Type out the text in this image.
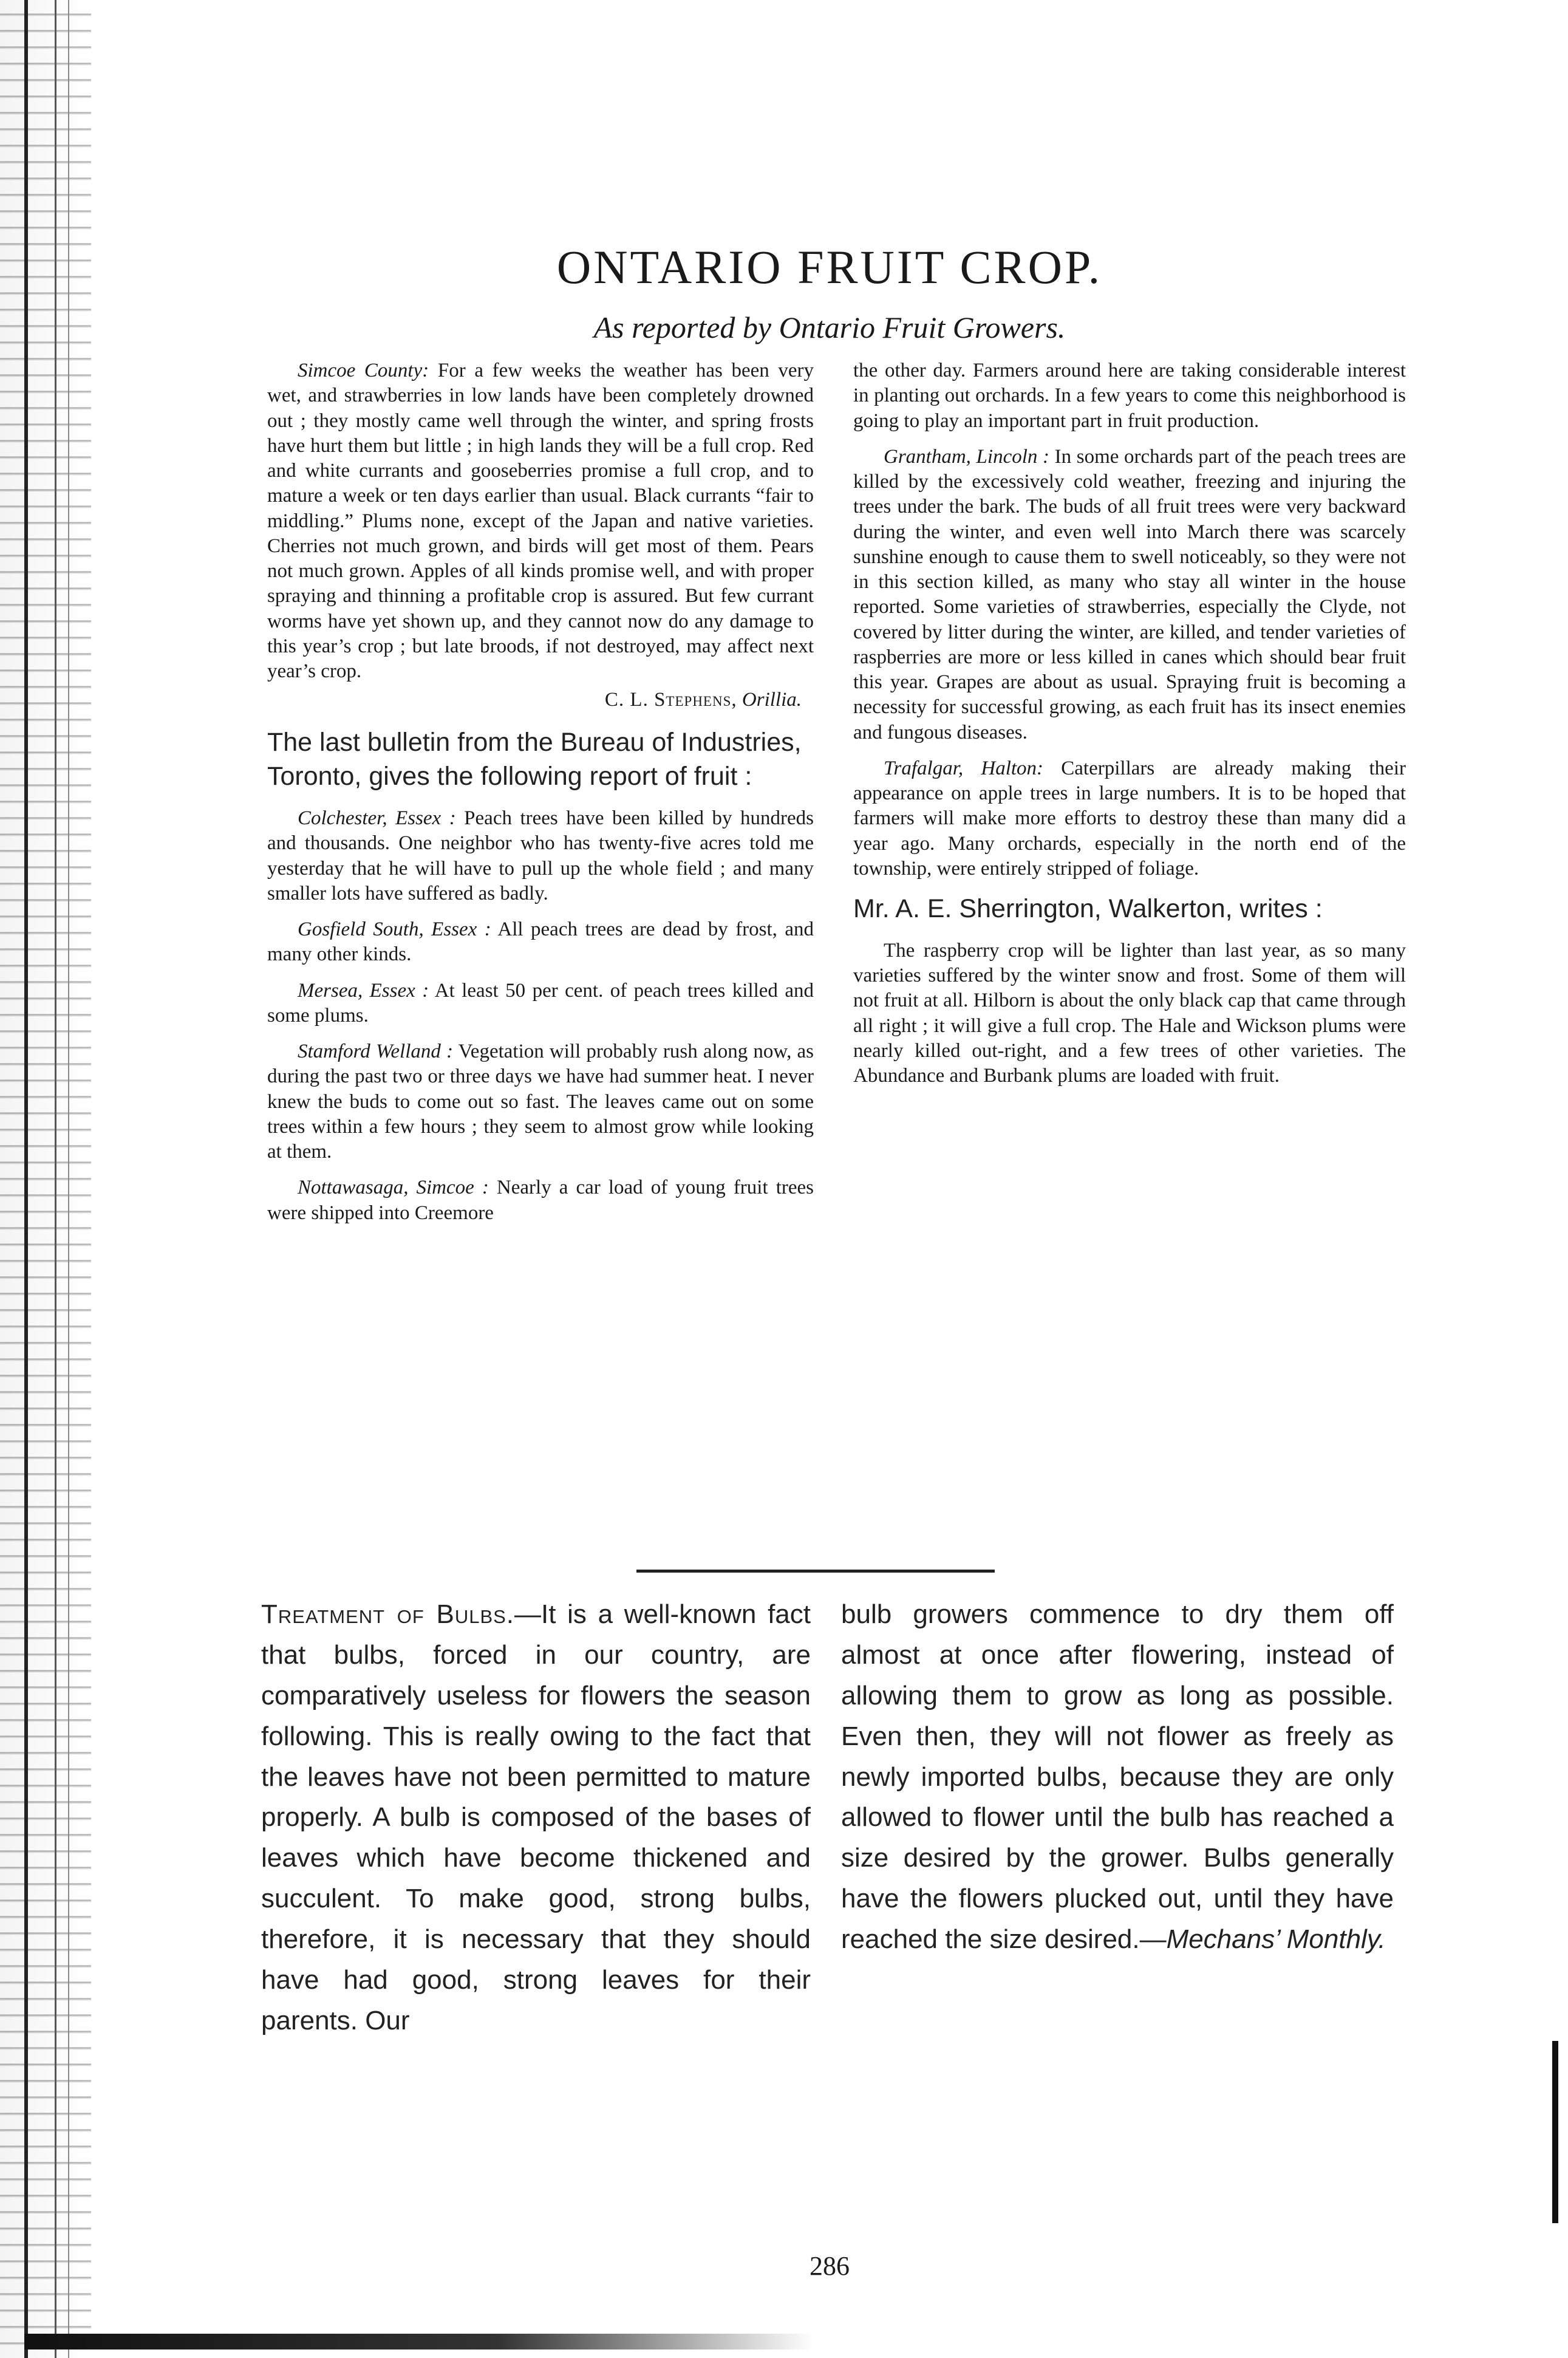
ONTARIO FRUIT CROP.

As reported by Ontario Fruit Growers.

Simcoe County: For a few weeks the weather has been very wet, and strawberries in low lands have been completely drowned out ; they mostly came well through the winter, and spring frosts have hurt them but little ; in high lands they will be a full crop. Red and white currants and gooseberries promise a full crop, and to mature a week or ten days earlier than usual. Black currants “fair to middling.” Plums none, except of the Japan and native varieties. Cherries not much grown, and birds will get most of them. Pears not much grown. Apples of all kinds promise well, and with proper spraying and thinning a profitable crop is assured. But few currant worms have yet shown up, and they cannot now do any damage to this year’s crop ; but late broods, if not destroyed, may affect next year’s crop.

C. L. Stephens, Orillia.
The last bulletin from the Bureau of Industries, Toronto, gives the following report of fruit :

Colchester, Essex : Peach trees have been killed by hundreds and thousands. One neighbor who has twenty-five acres told me yesterday that he will have to pull up the whole field ; and many smaller lots have suffered as badly.

Gosfield South, Essex : All peach trees are dead by frost, and many other kinds.

Mersea, Essex : At least 50 per cent. of peach trees killed and some plums.

Stamford Welland : Vegetation will probably rush along now, as during the past two or three days we have had summer heat. I never knew the buds to come out so fast. The leaves came out on some trees within a few hours ; they seem to almost grow while looking at them.

Nottawasaga, Simcoe : Nearly a car load of young fruit trees were shipped into Creemore

the other day. Farmers around here are taking considerable interest in planting out orchards. In a few years to come this neighborhood is going to play an important part in fruit production.

Grantham, Lincoln : In some orchards part of the peach trees are killed by the excessively cold weather, freezing and injuring the trees under the bark. The buds of all fruit trees were very backward during the winter, and even well into March there was scarcely sunshine enough to cause them to swell noticeably, so they were not in this section killed, as many who stay all winter in the house reported. Some varieties of strawberries, especially the Clyde, not covered by litter during the winter, are killed, and tender varieties of raspberries are more or less killed in canes which should bear fruit this year. Grapes are about as usual. Spraying fruit is becoming a necessity for successful growing, as each fruit has its insect enemies and fungous diseases.

Trafalgar, Halton: Caterpillars are already making their appearance on apple trees in large numbers. It is to be hoped that farmers will make more efforts to destroy these than many did a year ago. Many orchards, especially in the north end of the township, were entirely stripped of foliage.

Mr. A. E. Sherrington, Walkerton, writes :

The raspberry crop will be lighter than last year, as so many varieties suffered by the winter snow and frost. Some of them will not fruit at all. Hilborn is about the only black cap that came through all right ; it will give a full crop. The Hale and Wickson plums were nearly killed out-right, and a few trees of other varieties. The Abundance and Burbank plums are loaded with fruit.

Treatment of Bulbs.—It is a well-known fact that bulbs, forced in our country, are comparatively useless for flowers the season following. This is really owing to the fact that the leaves have not been permitted to mature properly. A bulb is composed of the bases of leaves which have become thickened and succulent. To make good, strong bulbs, therefore, it is necessary that they should have had good, strong leaves for their parents. Our

bulb growers commence to dry them off almost at once after flowering, instead of allowing them to grow as long as possible. Even then, they will not flower as freely as newly imported bulbs, because they are only allowed to flower until the bulb has reached a size desired by the grower. Bulbs generally have the flowers plucked out, until they have reached the size desired.—Mechans’ Monthly.

286
